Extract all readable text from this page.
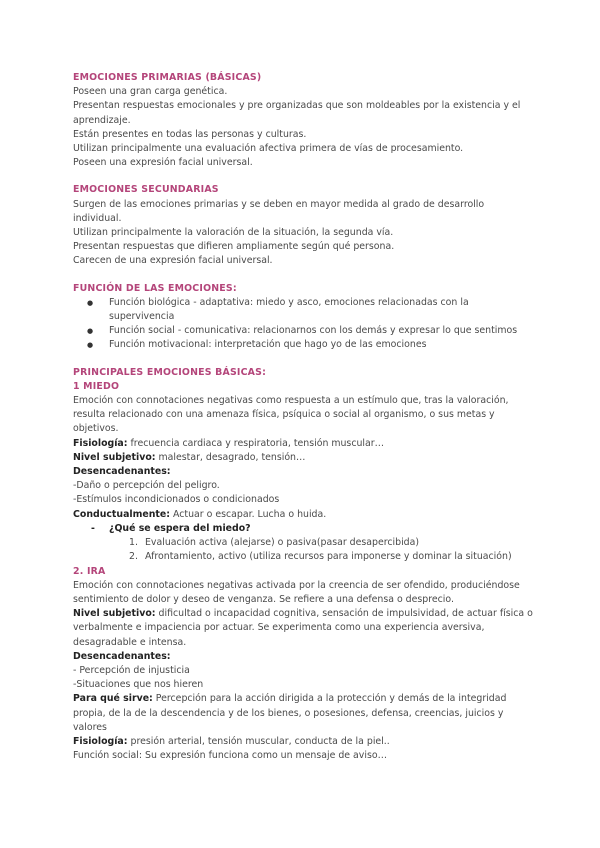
EMOCIONES PRIMARIAS (BÁSICAS)
Poseen una gran carga genética.
Presentan respuestas emocionales y pre organizadas que son moldeables por la existencia y el aprendizaje.
Están presentes en todas las personas y culturas.
Utilizan principalmente una evaluación afectiva primera de vías de procesamiento.
Poseen una expresión facial universal.
EMOCIONES SECUNDARIAS
Surgen de las emociones primarias y se deben en mayor medida al grado de desarrollo individual.
Utilizan principalmente la valoración de la situación, la segunda vía.
Presentan respuestas que difieren ampliamente según qué persona.
Carecen de una expresión facial universal.
FUNCIÓN DE LAS EMOCIONES:
● Función biológica - adaptativa: miedo y asco, emociones relacionadas con la supervivencia
● Función social - comunicativa: relacionarnos con los demás y expresar lo que sentimos
● Función motivacional: interpretación que hago yo de las emociones
PRINCIPALES EMOCIONES BÁSICAS:
1 MIEDO
Emoción con connotaciones negativas como respuesta a un estímulo que, tras la valoración, resulta relacionado con una amenaza física, psíquica o social al organismo, o sus metas y objetivos.
Fisiología: frecuencia cardiaca y respiratoria, tensión muscular…
Nivel subjetivo: malestar, desagrado, tensión…
Desencadenantes:
-Daño o percepción del peligro.
-Estímulos incondicionados o condicionados
Conductualmente: Actuar o escapar. Lucha o huida.
- ¿Qué se espera del miedo?
1. Evaluación activa (alejarse) o pasiva(pasar desapercibida)
2. Afrontamiento, activo (utiliza recursos para imponerse y dominar la situación)
2. IRA
Emoción con connotaciones negativas activada por la creencia de ser ofendido, produciéndose sentimiento de dolor y deseo de venganza. Se refiere a una defensa o desprecio.
Nivel subjetivo: dificultad o incapacidad cognitiva, sensación de impulsividad, de actuar física o verbalmente e impaciencia por actuar. Se experimenta como una experiencia aversiva, desagradable e intensa.
Desencadenantes:
- Percepción de injusticia
-Situaciones que nos hieren
Para qué sirve: Percepción para la acción dirigida a la protección y demás de la integridad propia, de la de la descendencia y de los bienes, o posesiones, defensa, creencias, juicios y valores
Fisiología: presión arterial, tensión muscular, conducta de la piel..
Función social: Su expresión funciona como un mensaje de aviso…
